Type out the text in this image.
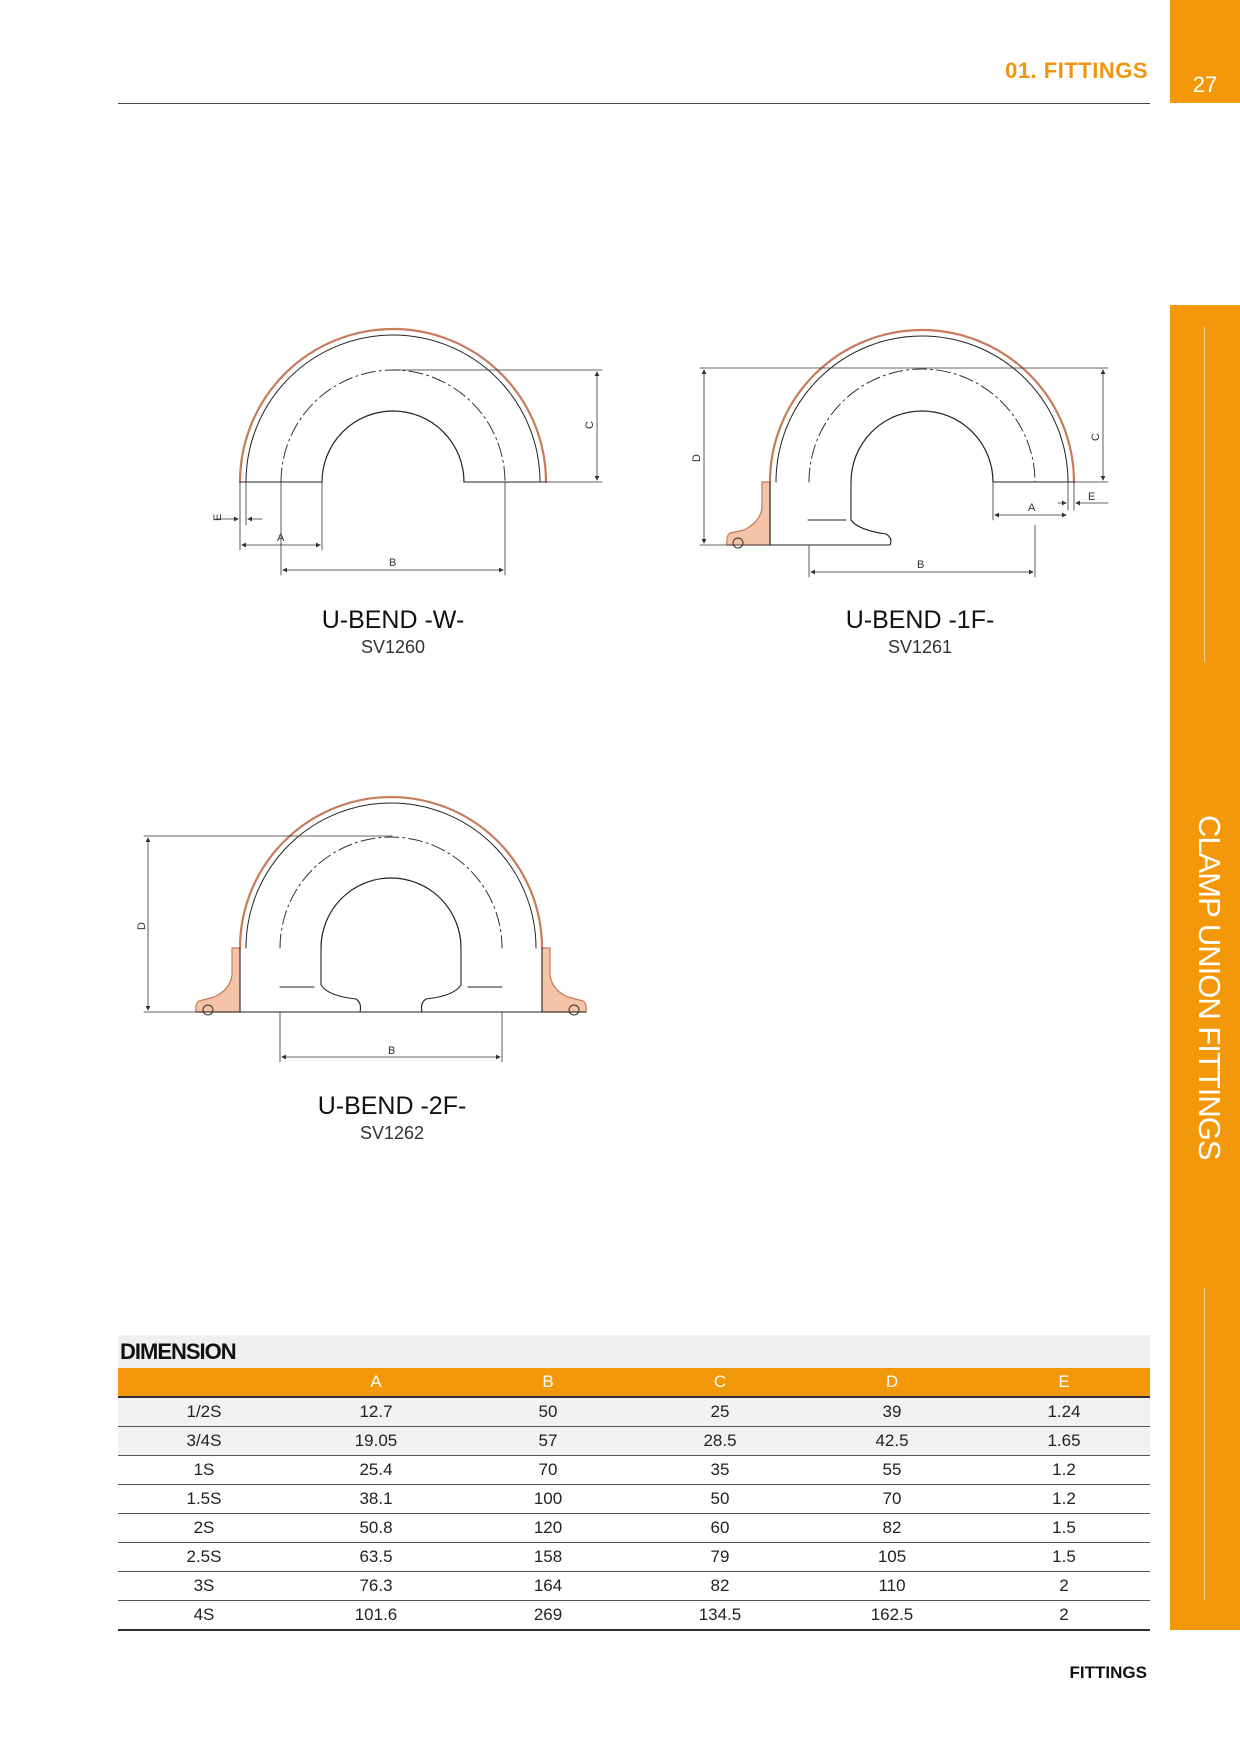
01. FITTINGS
27
CLAMP UNION FITTINGS
C
A
B
E
D
C
A
E
B
D
B
U-BEND -W-
SV1260
U-BEND -1F-
SV1261
U-BEND -2F-
SV1262
DIMENSION
	A	B	C	D	E
1/2S	12.7	50	25	39	1.24
3/4S	19.05	57	28.5	42.5	1.65
1S	25.4	70	35	55	1.2
1.5S	38.1	100	50	70	1.2
2S	50.8	120	60	82	1.5
2.5S	63.5	158	79	105	1.5
3S	76.3	164	82	110	2
4S	101.6	269	134.5	162.5	2
FITTINGS
